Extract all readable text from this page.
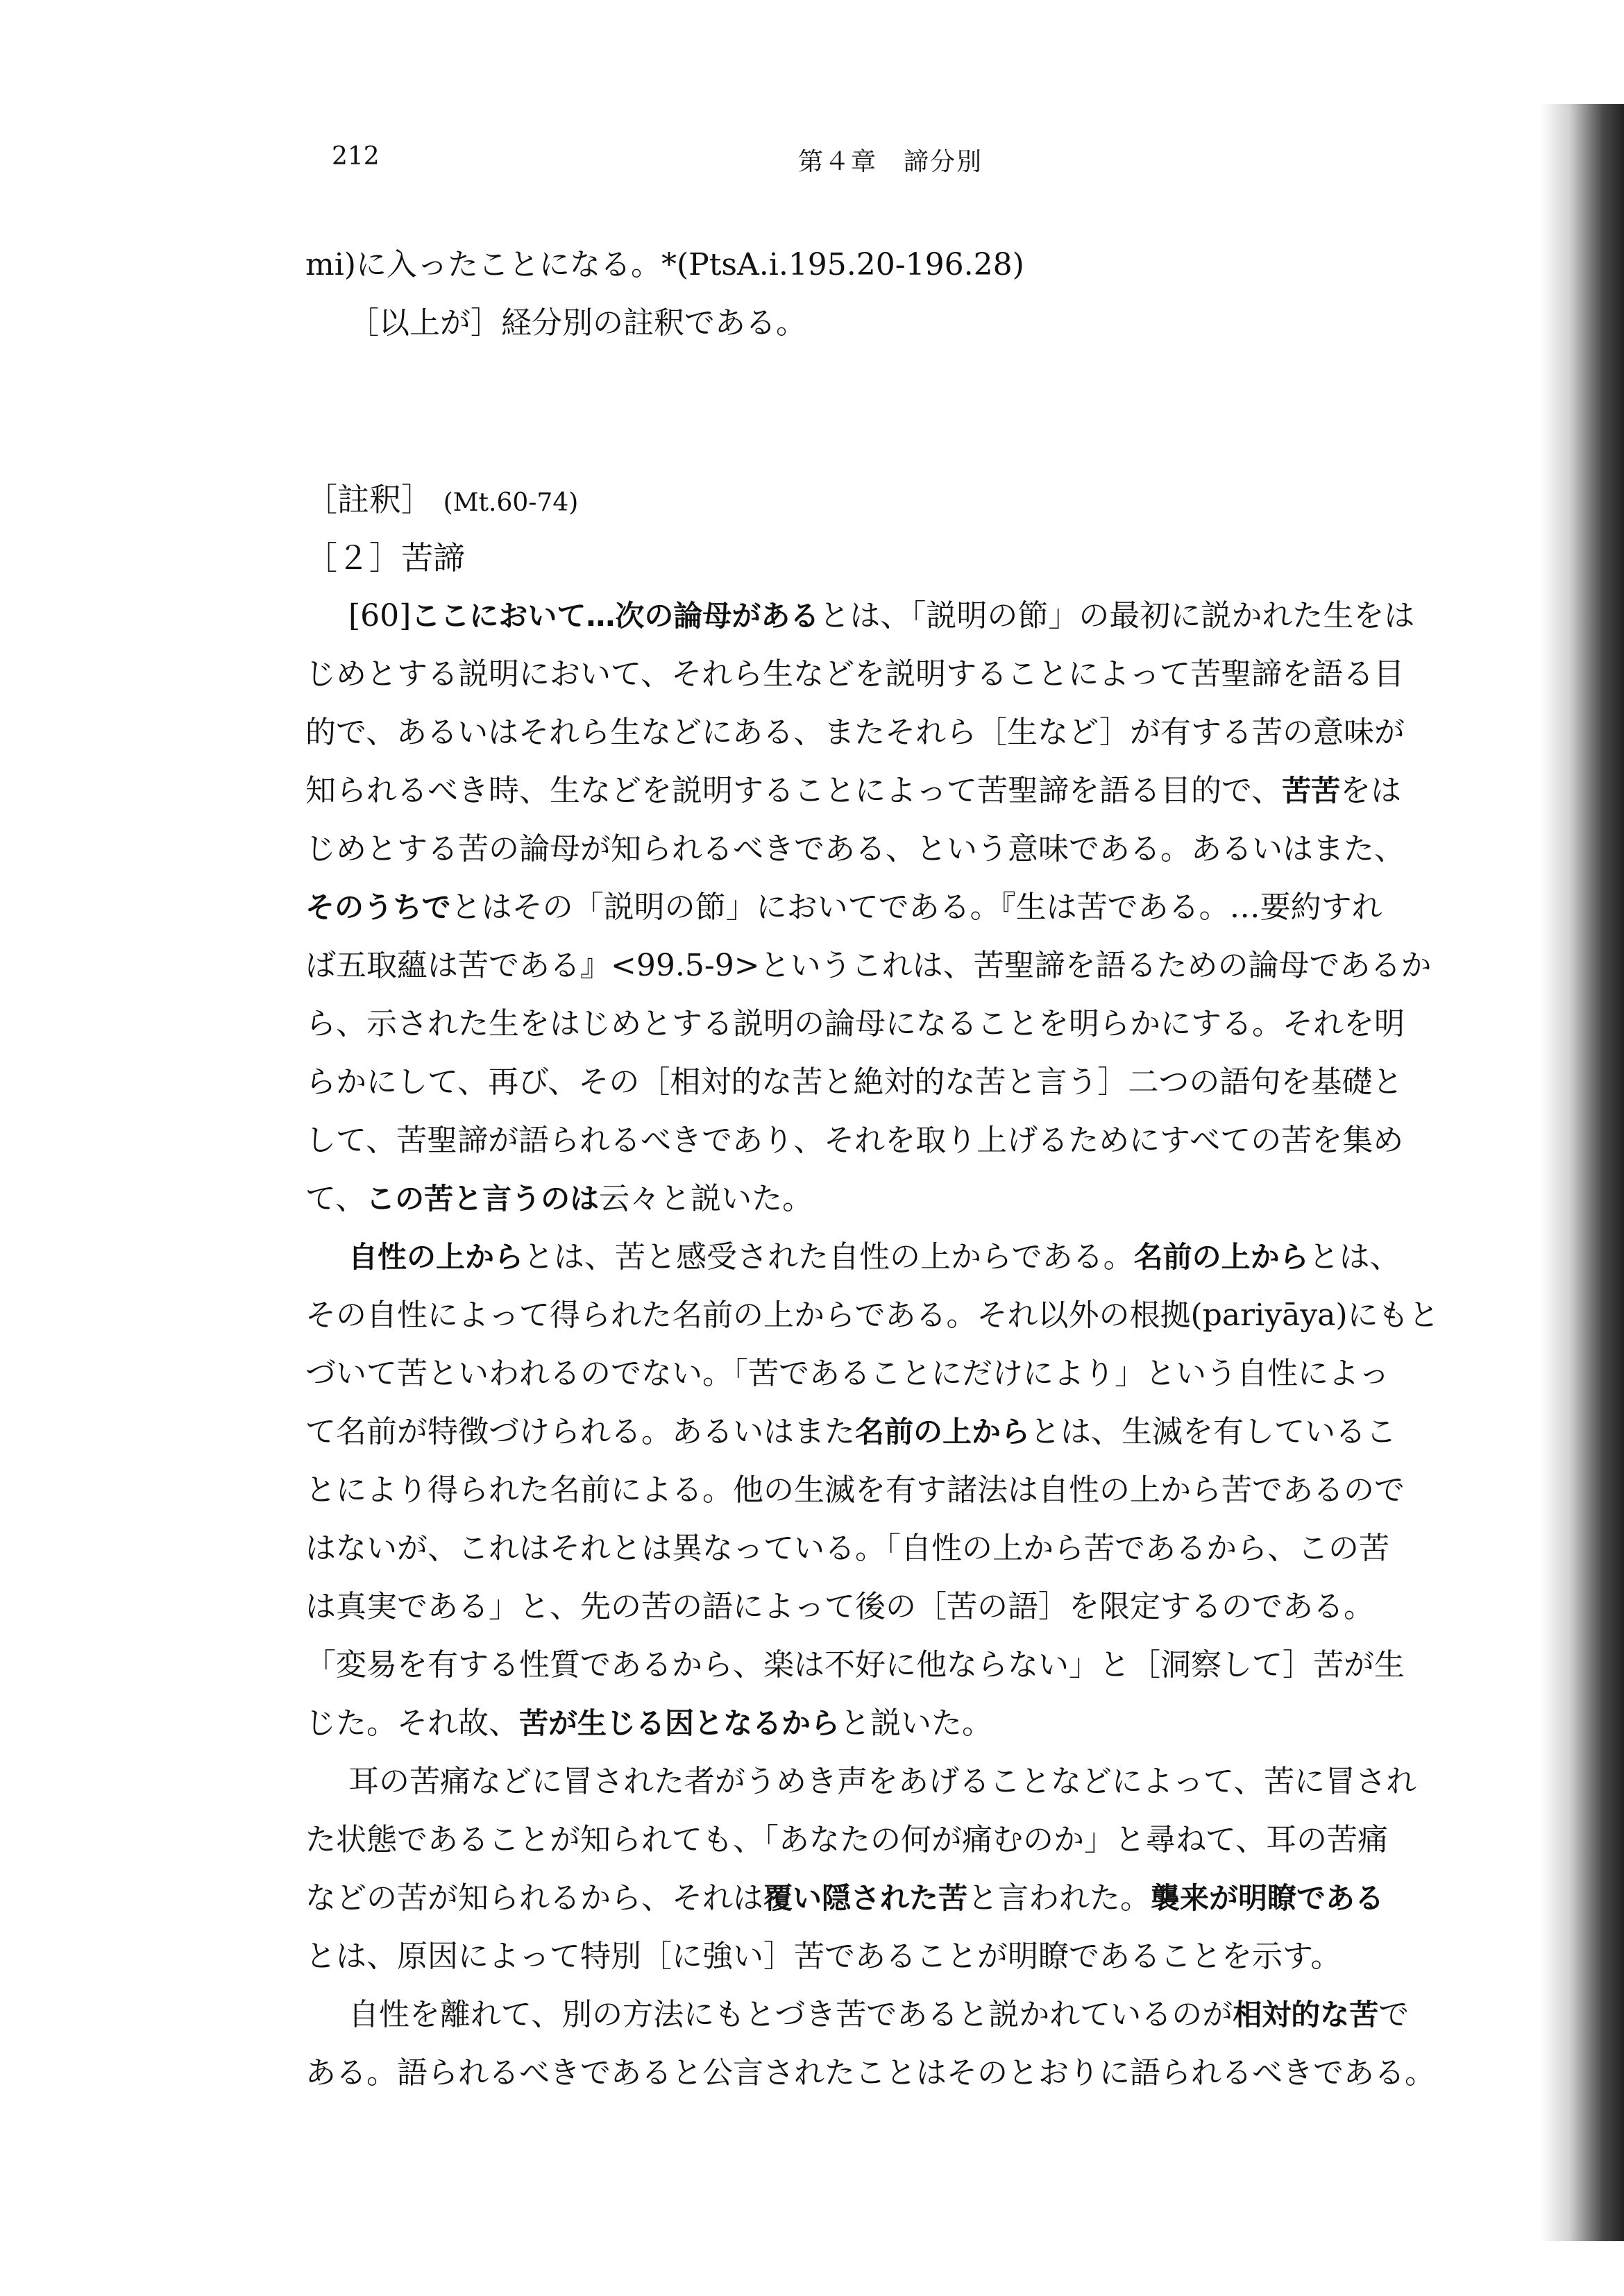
212	第４章　諦分別
mi)に入ったことになる。*(PtsA.i.195.20-196.28)
［以上が］経分別の註釈である。
［註釈］ (Mt.60-74)
［２］苦諦
[60]ここにおいて…次の論母があるとは、「説明の節」の最初に説かれた生をは
じめとする説明において、それら生などを説明することによって苦聖諦を語る目
的で、あるいはそれら生などにある、またそれら［生など］が有する苦の意味が
知られるべき時、生などを説明することによって苦聖諦を語る目的で、苦苦をは
じめとする苦の論母が知られるべきである、という意味である。あるいはまた、
そのうちでとはその「説明の節」においてである。『生は苦である。…要約すれ
ば五取蘊は苦である』<99.5-9>というこれは、苦聖諦を語るための論母であるか
ら、示された生をはじめとする説明の論母になることを明らかにする。それを明
らかにして、再び、その［相対的な苦と絶対的な苦と言う］二つの語句を基礎と
して、苦聖諦が語られるべきであり、それを取り上げるためにすべての苦を集め
て、この苦と言うのは云々と説いた。
自性の上からとは、苦と感受された自性の上からである。名前の上からとは、
その自性によって得られた名前の上からである。それ以外の根拠(pariyāya)にもと
づいて苦といわれるのでない。「苦であることにだけにより」という自性によっ
て名前が特徴づけられる。あるいはまた名前の上からとは、生滅を有しているこ
とにより得られた名前による。他の生滅を有す諸法は自性の上から苦であるので
はないが、これはそれとは異なっている。「自性の上から苦であるから、この苦
は真実である」と、先の苦の語によって後の［苦の語］を限定するのである。
「変易を有する性質であるから、楽は不好に他ならない」と［洞察して］苦が生
じた。それ故、苦が生じる因となるからと説いた。
耳の苦痛などに冒された者がうめき声をあげることなどによって、苦に冒され
た状態であることが知られても、「あなたの何が痛むのか」と尋ねて、耳の苦痛
などの苦が知られるから、それは覆い隠された苦と言われた。襲来が明瞭である
とは、原因によって特別［に強い］苦であることが明瞭であることを示す。
自性を離れて、別の方法にもとづき苦であると説かれているのが相対的な苦で
ある。語られるべきであると公言されたことはそのとおりに語られるべきである。
